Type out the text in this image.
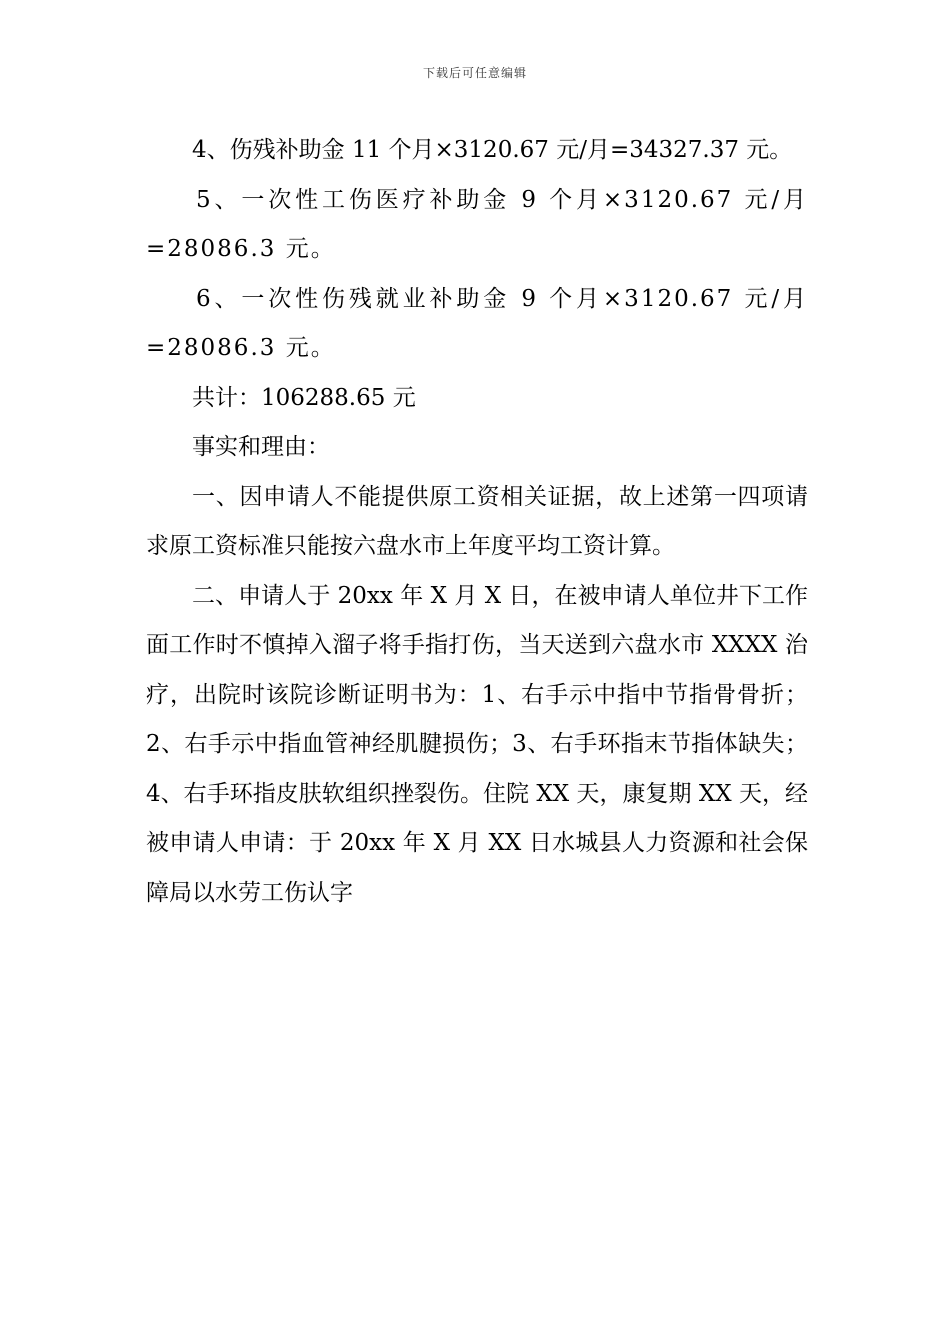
下载后可任意编辑

4、伤残补助金 11 个月×3120.67 元/月=34327.37 元。

5、一次性工伤医疗补助金 9 个月×3120.67 元/月=28086.3 元。

6、一次性伤残就业补助金 9 个月×3120.67 元/月=28086.3 元。

共计：106288.65 元

事实和理由：

一、因申请人不能提供原工资相关证据，故上述第一四项请求原工资标准只能按六盘水市上年度平均工资计算。

二、申请人于 20xx 年 X 月 X 日，在被申请人单位井下工作面工作时不慎掉入溜子将手指打伤，当天送到六盘水市 XXXX 治疗，出院时该院诊断证明书为：1、右手示中指中节指骨骨折；2、右手示中指血管神经肌腱损伤；3、右手环指末节指体缺失；4、右手环指皮肤软组织挫裂伤。住院 XX 天，康复期 XX 天，经被申请人申请：于 20xx 年 X 月 XX 日水城县人力资源和社会保障局以水劳工伤认字
